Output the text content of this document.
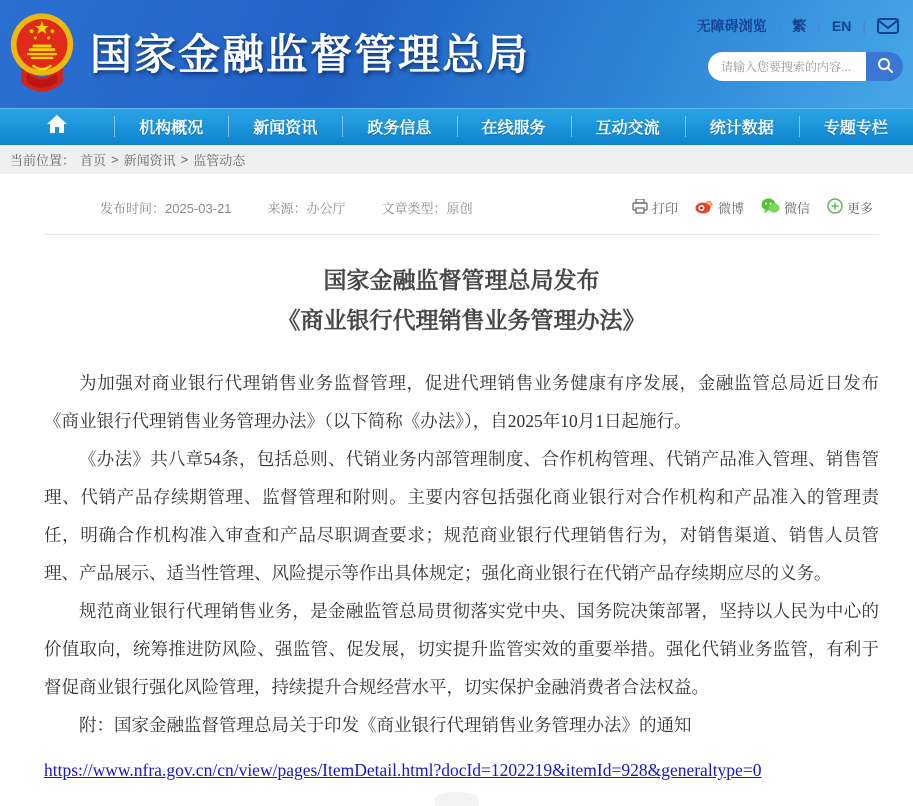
国家金融监督管理总局
无障碍浏览 | 繁 | EN |
请输入您要搜索的内容...
机构概况	新闻资讯	政务信息	在线服务	互动交流	统计数据	专题专栏
当前位置： 首页 > 新闻资讯 > 监管动态
发布时间：2025-03-21	来源：办公厅	文章类型：原创	打印	微博	微信	更多
国家金融监督管理总局发布
《商业银行代理销售业务管理办法》

为加强对商业银行代理销售业务监督管理，促进代理销售业务健康有序发展，金融监管总局近日发布《商业银行代理销售业务管理办法》（以下简称《办法》），自2025年10月1日起施行。

《办法》共八章54条，包括总则、代销业务内部管理制度、合作机构管理、代销产品准入管理、销售管理、代销产品存续期管理、监督管理和附则。主要内容包括强化商业银行对合作机构和产品准入的管理责任，明确合作机构准入审查和产品尽职调查要求；规范商业银行代理销售行为，对销售渠道、销售人员管理、产品展示、适当性管理、风险提示等作出具体规定；强化商业银行在代销产品存续期应尽的义务。

规范商业银行代理销售业务，是金融监管总局贯彻落实党中央、国务院决策部署，坚持以人民为中心的价值取向，统筹推进防风险、强监管、促发展，切实提升监管实效的重要举措。强化代销业务监管，有利于督促商业银行强化风险管理，持续提升合规经营水平，切实保护金融消费者合法权益。

附：国家金融监督管理总局关于印发《商业银行代理销售业务管理办法》的通知

https://www.nfra.gov.cn/cn/view/pages/ItemDetail.html?docId=1202219&itemId=928&generaltype=0
